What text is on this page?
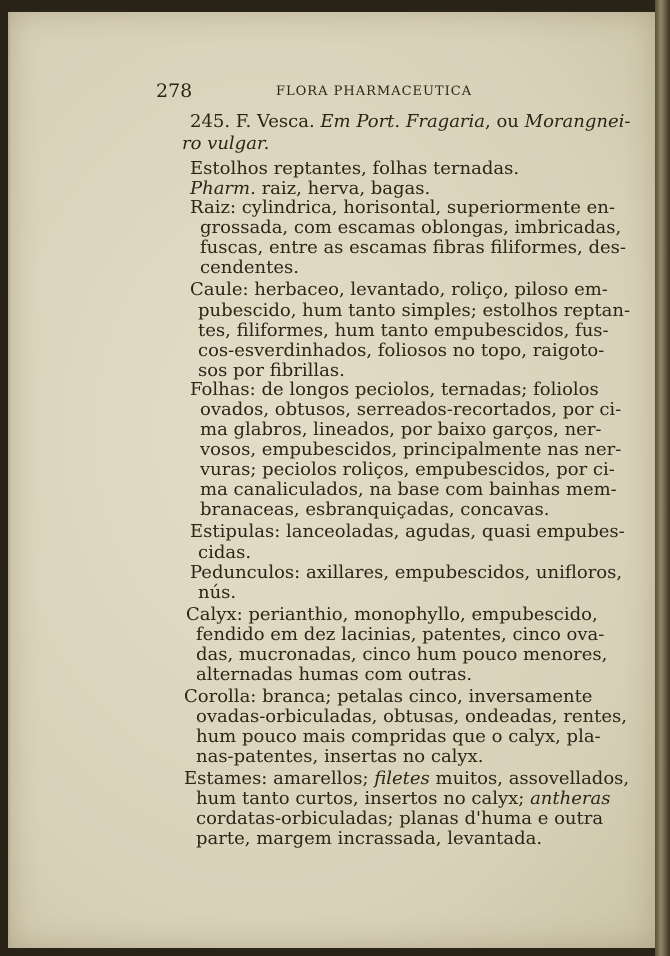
278	FLORA PHARMACEUTICA
245. F. Vesca. Em Port. Fragaria, ou Morangnei-
ro vulgar.
Estolhos reptantes, folhas ternadas.
Pharm. raiz, herva, bagas.
Raiz: cylindrica, horisontal, superiormente en-
grossada, com escamas oblongas, imbricadas,
fuscas, entre as escamas fibras filiformes, des-
cendentes.
Caule: herbaceo, levantado, roliço, piloso em-
pubescido, hum tanto simples; estolhos reptan-
tes, filiformes, hum tanto empubescidos, fus-
cos-esverdinhados, foliosos no topo, raigoto-
sos por fibrillas.
Folhas: de longos peciolos, ternadas; foliolos
ovados, obtusos, serreados-recortados, por ci-
ma glabros, lineados, por baixo garços, ner-
vosos, empubescidos, principalmente nas ner-
vuras; peciolos roliços, empubescidos, por ci-
ma canaliculados, na base com bainhas mem-
branaceas, esbranquiçadas, concavas.
Estipulas: lanceoladas, agudas, quasi empubes-
cidas.
Pedunculos: axillares, empubescidos, unifloros,
nús.
Calyx: perianthio, monophyllo, empubescido,
fendido em dez lacinias, patentes, cinco ova-
das, mucronadas, cinco hum pouco menores,
alternadas humas com outras.
Corolla: branca; petalas cinco, inversamente
ovadas-orbiculadas, obtusas, ondeadas, rentes,
hum pouco mais compridas que o calyx, pla-
nas-patentes, insertas no calyx.
Estames: amarellos; filetes muitos, assovellados,
hum tanto curtos, insertos no calyx; antheras
cordatas-orbiculadas; planas d'huma e outra
parte, margem incrassada, levantada.
